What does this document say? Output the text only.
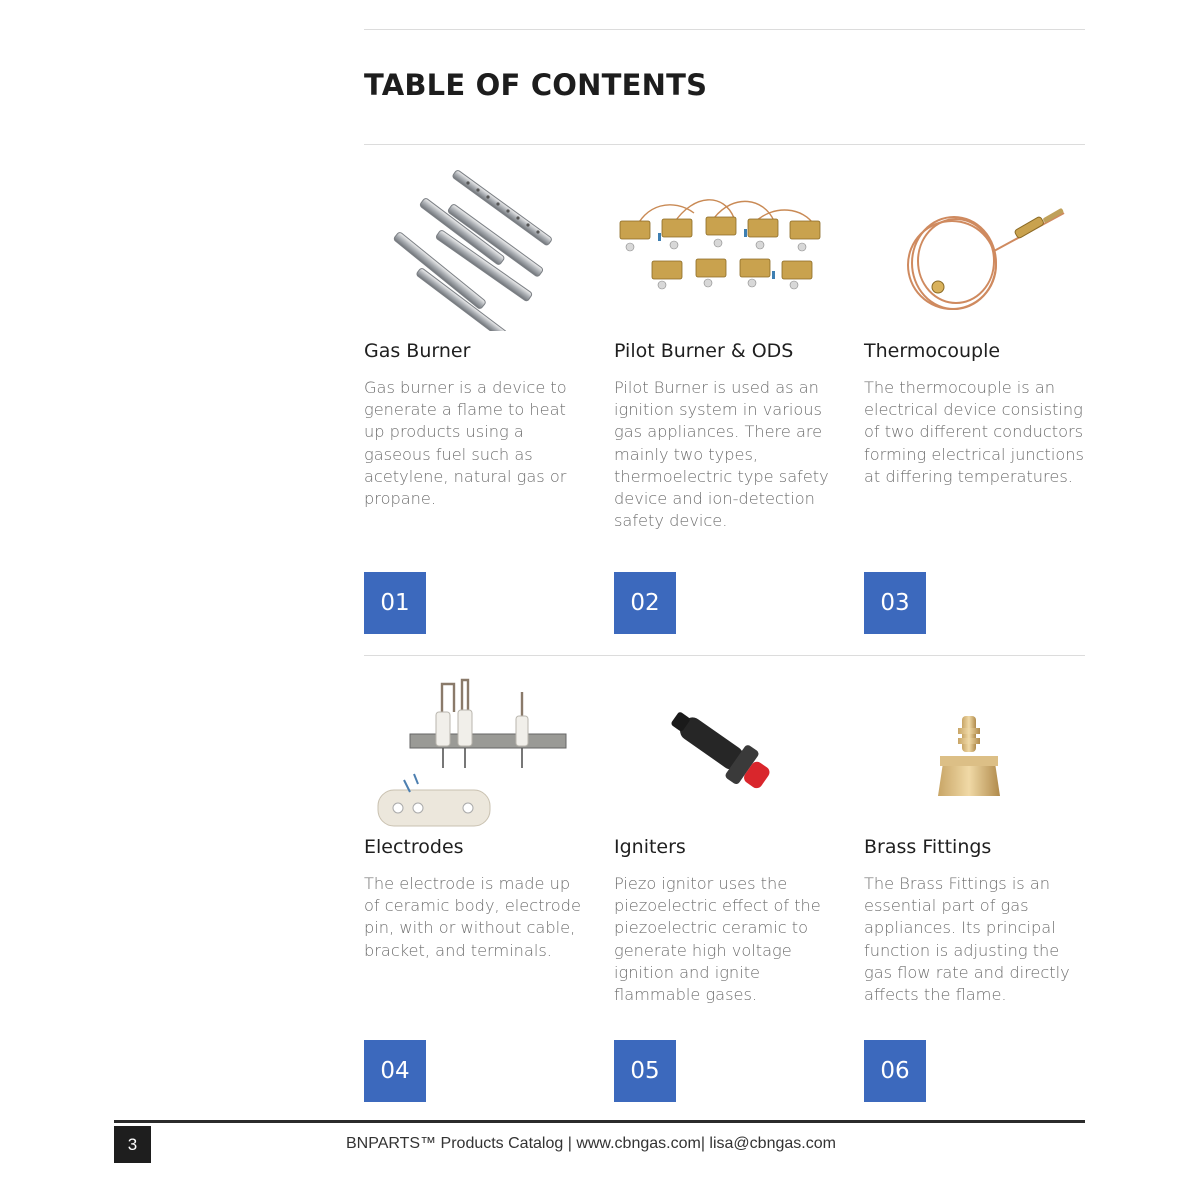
TABLE OF CONTENTS
Gas Burner

Gas burner is a device to generate a flame to heat up products using a gaseous fuel such as acetylene, natural gas or propane.

01
Pilot Burner & ODS

Pilot Burner is used as an ignition system in various gas appliances. There are mainly two types, thermoelectric type safety device and ion-detection safety device.

02
Thermocouple

The thermocouple is an electrical device consisting of two different conductors forming electrical junctions at differing temperatures.

03
Electrodes

The electrode is made up of ceramic body, electrode pin, with or without cable, bracket, and terminals.

04
Igniters

Piezo ignitor uses the piezoelectric effect of the piezoelectric ceramic to generate high voltage ignition and ignite flammable gases.

05
Brass Fittings

The Brass Fittings is an essential part of gas appliances. Its principal function is adjusting the gas flow rate and directly affects the flame.

06
3	BNPARTS™ Products Catalog | www.cbngas.com| lisa@cbngas.com
